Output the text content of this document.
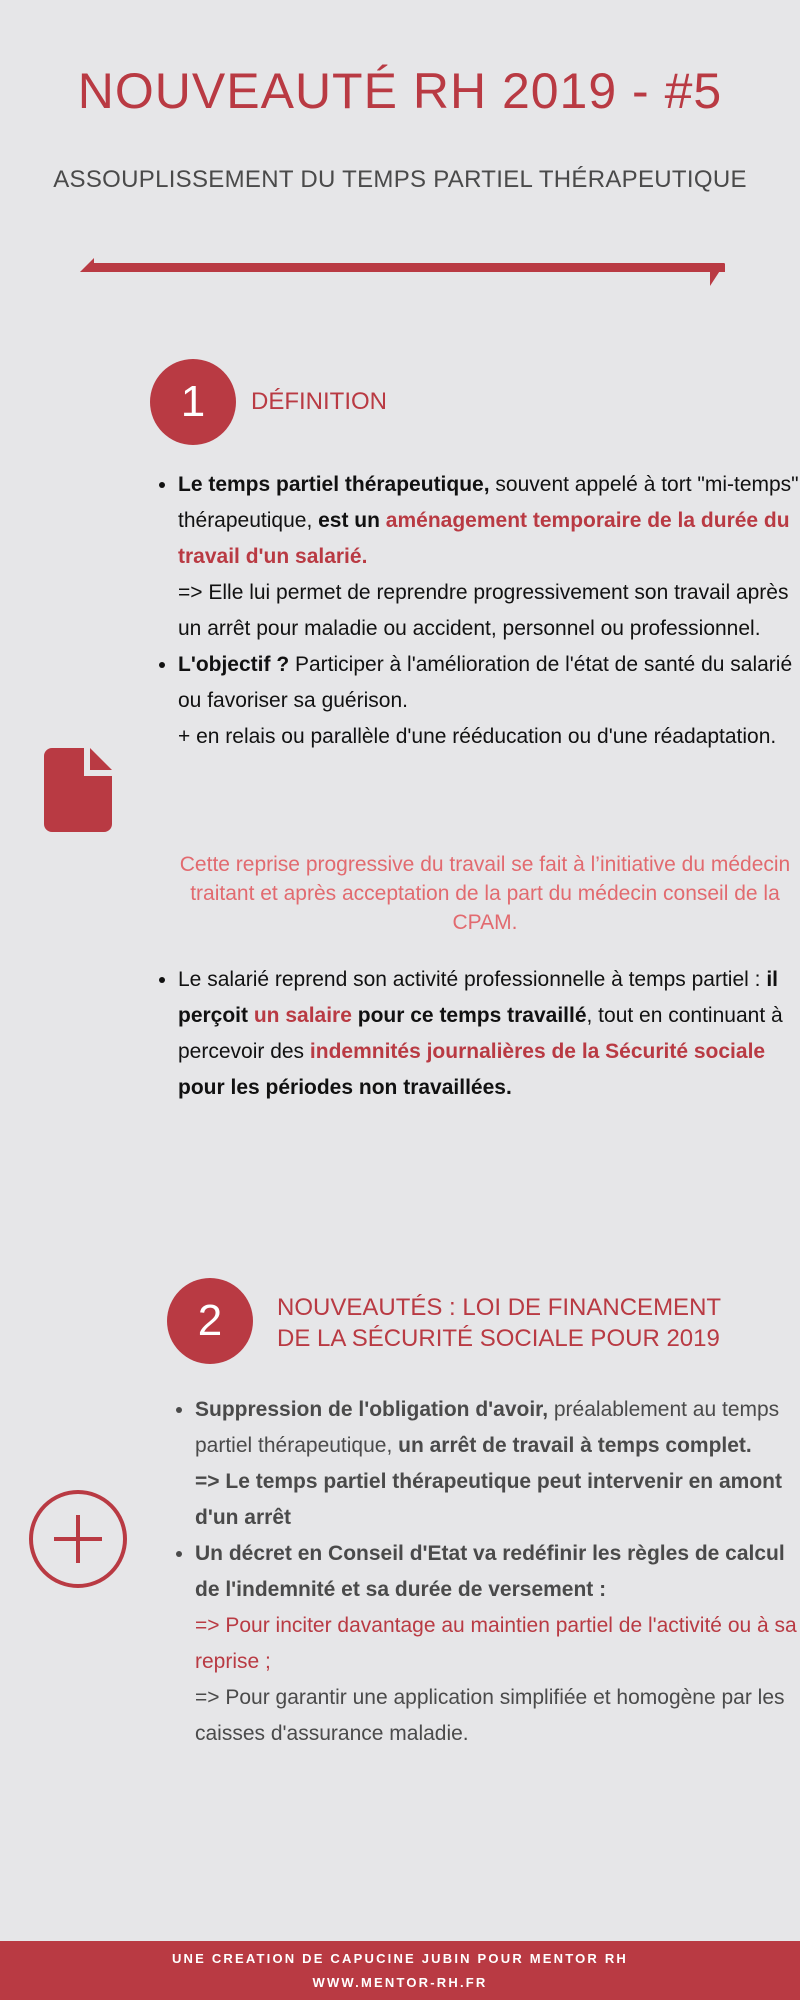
NOUVEAUTÉ RH 2019 - #5
ASSOUPLISSEMENT DU TEMPS PARTIEL THÉRAPEUTIQUE
1	DÉFINITION
• Le temps partiel thérapeutique, souvent appelé à tort "mi-temps" thérapeutique, est un aménagement temporaire de la durée du travail d'un salarié.
=> Elle lui permet de reprendre progressivement son travail après un arrêt pour maladie ou accident, personnel ou professionnel.
• L'objectif ? Participer à l'amélioration de l'état de santé du salarié ou favoriser sa guérison.
+ en relais ou parallèle d'une rééducation ou d'une réadaptation.
Cette reprise progressive du travail se fait à l’initiative du médecin traitant et après acceptation de la part du médecin conseil de la CPAM.
• Le salarié reprend son activité professionnelle à temps partiel : il perçoit un salaire pour ce temps travaillé, tout en continuant à percevoir des indemnités journalières de la Sécurité sociale pour les périodes non travaillées.
2	NOUVEAUTÉS : LOI DE FINANCEMENT
DE LA SÉCURITÉ SOCIALE POUR 2019
• Suppression de l'obligation d'avoir, préalablement au temps partiel thérapeutique, un arrêt de travail à temps complet.
=> Le temps partiel thérapeutique peut intervenir en amont d'un arrêt
• Un décret en Conseil d'Etat va redéfinir les règles de calcul de l'indemnité et sa durée de versement :
=> Pour inciter davantage au maintien partiel de l'activité ou à sa reprise ;
=> Pour garantir une application simplifiée et homogène par les caisses d'assurance maladie.
UNE CREATION DE CAPUCINE JUBIN POUR MENTOR RH
WWW.MENTOR-RH.FR
